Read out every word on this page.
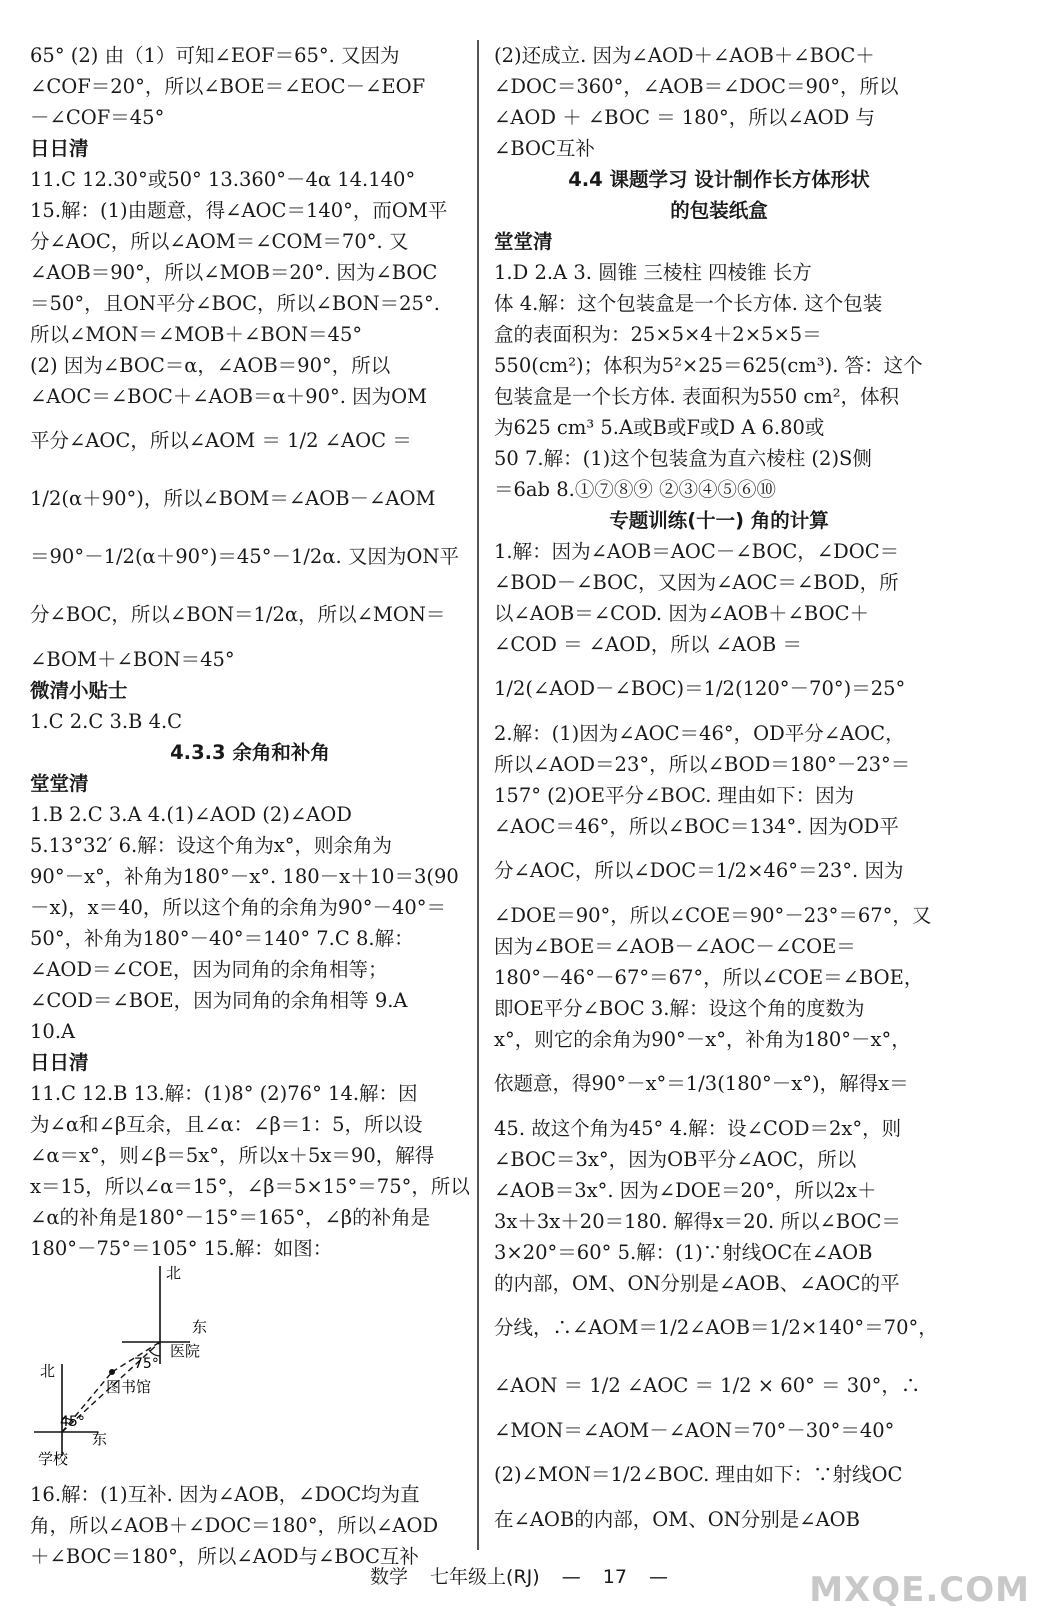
65° (2) 由（1）可知∠EOF＝65°. 又因为
∠COF＝20°，所以∠BOE＝∠EOC－∠EOF
－∠COF＝45°
日日清
11.C 12.30°或50° 13.360°－4α 14.140°
15.解：(1)由题意，得∠AOC＝140°，而OM平
分∠AOC，所以∠AOM＝∠COM＝70°. 又
∠AOB＝90°，所以∠MOB＝20°. 因为∠BOC
＝50°，且ON平分∠BOC，所以∠BON＝25°.
所以∠MON＝∠MOB＋∠BON＝45°
(2) 因为∠BOC＝α，∠AOB＝90°，所以
∠AOC＝∠BOC＋∠AOB＝α＋90°. 因为OM
平分∠AOC，所以∠AOM ＝ 1/2 ∠AOC ＝
1/2(α＋90°)，所以∠BOM＝∠AOB－∠AOM
＝90°－1/2(α＋90°)＝45°－1/2α. 又因为ON平
分∠BOC，所以∠BON＝1/2α，所以∠MON＝
∠BOM＋∠BON＝45°
微清小贴士
1.C 2.C 3.B 4.C
4.3.3 余角和补角
堂堂清
1.B 2.C 3.A 4.(1)∠AOD (2)∠AOD
5.13°32′ 6.解：设这个角为x°，则余角为
90°－x°，补角为180°－x°. 180－x＋10＝3(90
－x)，x＝40，所以这个角的余角为90°－40°＝
50°，补角为180°－40°＝140° 7.C 8.解：
∠AOD＝∠COE，因为同角的余角相等；
∠COD＝∠BOE，因为同角的余角相等 9.A
10.A
日日清
11.C 12.B 13.解：(1)8° (2)76° 14.解：因
为∠α和∠β互余，且∠α：∠β＝1：5，所以设
∠α＝x°，则∠β＝5x°，所以x＋5x＝90，解得
x＝15，所以∠α＝15°，∠β＝5×15°＝75°，所以
∠α的补角是180°－15°＝165°，∠β的补角是
180°－75°＝105° 15.解：如图：
北
东
医院
75°
图书馆
北
45°
东
学校
16.解：(1)互补. 因为∠AOB，∠DOC均为直
角，所以∠AOB＋∠DOC＝180°，所以∠AOD
＋∠BOC＝180°，所以∠AOD与∠BOC互补
(2)还成立. 因为∠AOD＋∠AOB＋∠BOC＋
∠DOC＝360°，∠AOB＝∠DOC＝90°，所以
∠AOD ＋ ∠BOC ＝ 180°，所以∠AOD 与
∠BOC互补
4.4 课题学习 设计制作长方体形状
的包装纸盒
堂堂清
1.D 2.A 3. 圆锥 三棱柱 四棱锥 长方
体 4.解：这个包装盒是一个长方体. 这个包装
盒的表面积为：25×5×4＋2×5×5＝
550(cm²)；体积为5²×25＝625(cm³). 答：这个
包装盒是一个长方体. 表面积为550 cm²，体积
为625 cm³ 5.A或B或F或D A 6.80或
50 7.解：(1)这个包装盒为直六棱柱 (2)S侧
＝6ab 8.①⑦⑧⑨ ②③④⑤⑥⑩
专题训练(十一) 角的计算
1.解：因为∠AOB＝AOC－∠BOC，∠DOC＝
∠BOD－∠BOC，又因为∠AOC＝∠BOD，所
以∠AOB＝∠COD. 因为∠AOB＋∠BOC＋
∠COD ＝ ∠AOD，所以 ∠AOB ＝
1/2(∠AOD－∠BOC)＝1/2(120°－70°)＝25°
2.解：(1)因为∠AOC＝46°，OD平分∠AOC，
所以∠AOD＝23°，所以∠BOD＝180°－23°＝
157° (2)OE平分∠BOC. 理由如下：因为
∠AOC＝46°，所以∠BOC＝134°. 因为OD平
分∠AOC，所以∠DOC＝1/2×46°＝23°. 因为
∠DOE＝90°，所以∠COE＝90°－23°＝67°，又
因为∠BOE＝∠AOB－∠AOC－∠COE＝
180°－46°－67°＝67°，所以∠COE＝∠BOE，
即OE平分∠BOC 3.解：设这个角的度数为
x°，则它的余角为90°－x°，补角为180°－x°，
依题意，得90°－x°＝1/3(180°－x°)，解得x＝
45. 故这个角为45° 4.解：设∠COD＝2x°，则
∠BOC＝3x°，因为OB平分∠AOC，所以
∠AOB＝3x°. 因为∠DOE＝20°，所以2x＋
3x＋3x＋20＝180. 解得x＝20. 所以∠BOC＝
3×20°＝60° 5.解：(1)∵射线OC在∠AOB
的内部，OM、ON分别是∠AOB、∠AOC的平
分线，∴∠AOM＝1/2∠AOB＝1/2×140°＝70°，
∠AON ＝ 1/2 ∠AOC ＝ 1/2 × 60° ＝ 30°，∴
∠MON＝∠AOM－∠AON＝70°－30°＝40°
(2)∠MON＝1/2∠BOC. 理由如下：∵射线OC
在∠AOB的内部，OM、ON分别是∠AOB
数学 七年级上(RJ) — 17 —	MXQE.COM
